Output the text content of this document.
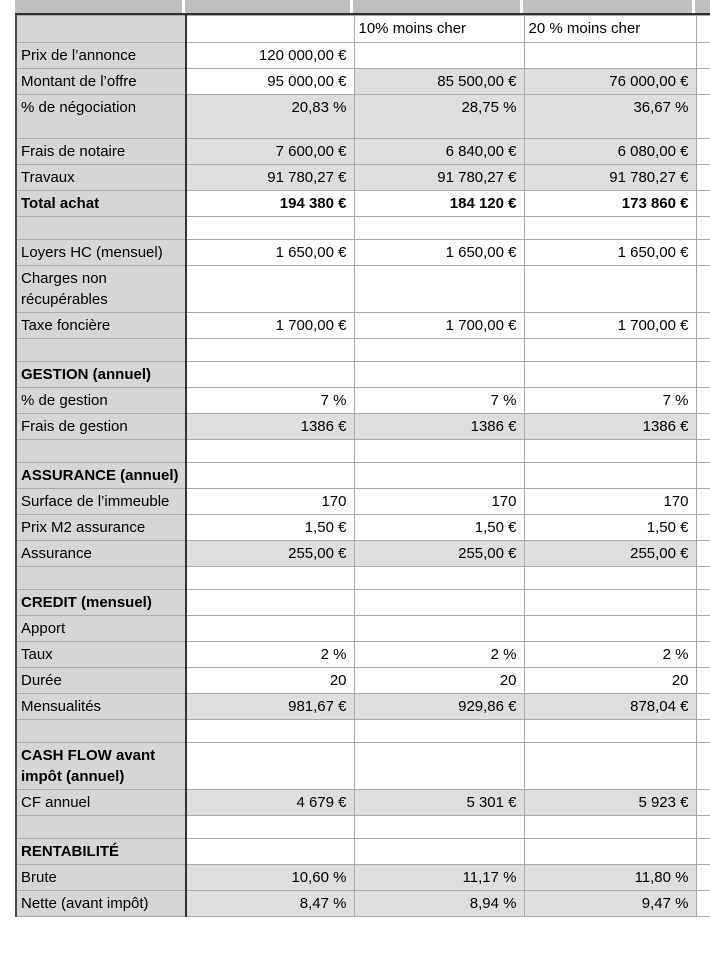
		10% moins cher	20 % moins cher	
Prix de l’annonce	120 000,00 €			
Montant de l’offre	95 000,00 €	85 500,00 €	76 000,00 €	
% de négociation	20,83 %	28,75 %	36,67 %	
Frais de notaire	7 600,00 €	6 840,00 €	6 080,00 €	
Travaux	91 780,27 €	91 780,27 €	91 780,27 €	
Total achat	194 380 €	184 120 €	173 860 €	

Loyers HC (mensuel)	1 650,00 €	1 650,00 €	1 650,00 €	
Charges non récupérables				
Taxe foncière	1 700,00 €	1 700,00 €	1 700,00 €	

GESTION (annuel)				
% de gestion	7 %	7 %	7 %	
Frais de gestion	1386 €	1386 €	1386 €	

ASSURANCE (annuel)				
Surface de l’immeuble	170	170	170	
Prix M2 assurance	1,50 €	1,50 €	1,50 €	
Assurance	255,00 €	255,00 €	255,00 €	

CREDIT (mensuel)				
Apport				
Taux	2 %	2 %	2 %	
Durée	20	20	20	
Mensualités	981,67 €	929,86 €	878,04 €	

CASH FLOW avant impôt (annuel)				
CF annuel	4 679 €	5 301 €	5 923 €	

RENTABILITÉ				
Brute	10,60 %	11,17 %	11,80 %	
Nette (avant impôt)	8,47 %	8,94 %	9,47 %	
